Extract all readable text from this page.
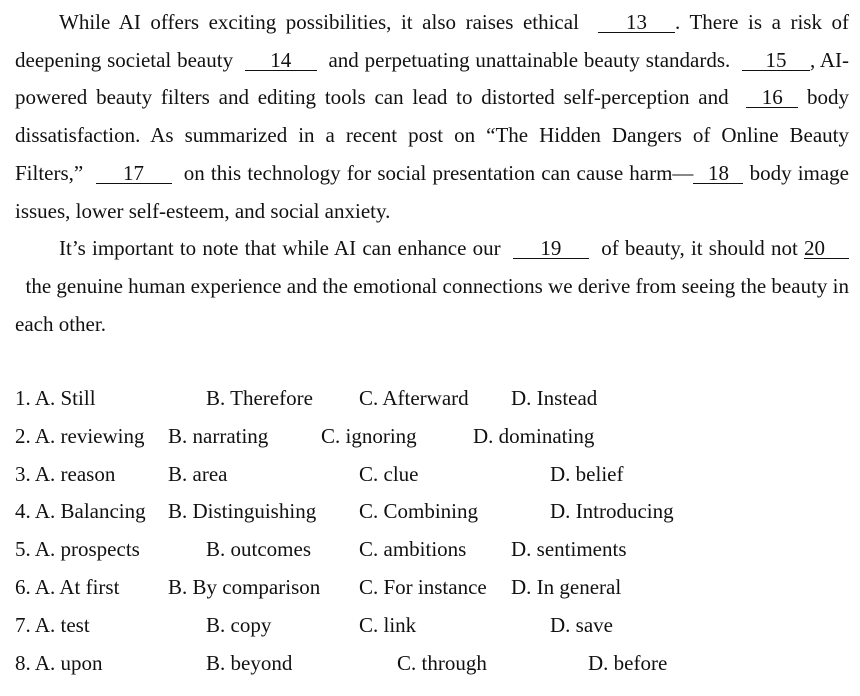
While AI offers exciting possibilities, it also raises ethical 13 . There is a risk of deepening societal beauty 14 and perpetuating unattainable beauty standards. 15 , AI-powered beauty filters and editing tools can lead to distorted self-perception and 16 body dissatisfaction. As summarized in a recent post on “The Hidden Dangers of Online Beauty Filters,” 17 on this technology for social presentation can cause harm— 18 body image issues, lower self-esteem, and social anxiety.

It’s important to note that while AI can enhance our 19 of beauty, it should not 20  the genuine human experience and the emotional connections we derive from seeing the beauty in each other.

1. A. Still	B. Therefore C. Afterward D. Instead
2. A. reviewing B. narrating	C. ignoring	D. dominating
3. A. reason	B. area	C. clue	D. belief
4. A. Balancing B. Distinguishing C. Combining	D. Introducing
5. A. prospects	B. outcomes C. ambitions D. sentiments
6. A. At first B. By comparison C. For instance D. In general
7. A. test	B. copy	C. link	D. save
8. A. upon	B. beyond	C. through	D. before
